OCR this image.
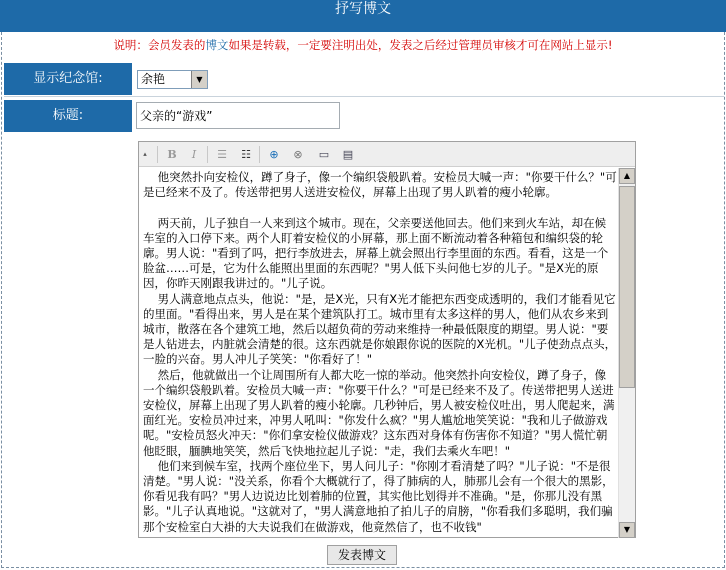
抒写博文
说明：会员发表的博文如果是转载，一定要注明出处，发表之后经过管理员审核才可在网站上显示!
显示纪念馆:	余艳	▼
标题:
父亲的“游戏”
▴	B	I	☰	☷	⊕	⊗	▭	▤
他突然扑向安检仪，蹲了身子，像一个编织袋般趴着。安检员大喊一声："你要干什么？"可是已经来不及了。传送带把男人送进安检仪，屏幕上出现了男人趴着的瘦小轮廓。

两天前，儿子独自一人来到这个城市。现在，父亲要送他回去。他们来到火车站，却在候车室的入口停下来。两个人盯着安检仪的小屏幕，那上面不断流动着各种箱包和编织袋的轮廓。男人说："看到了吗，把行李放进去，屏幕上就会照出行李里面的东西。看看，这是一个脸盆……可是，它为什么能照出里面的东西呢？"男人低下头问他七岁的儿子。"是X光的原因，你昨天刚跟我讲过的。"儿子说。
男人满意地点点头，他说："是，是X光，只有X光才能把东西变成透明的，我们才能看见它的里面。"看得出来，男人是在某个建筑队打工。城市里有太多这样的男人，他们从农乡来到城市，散落在各个建筑工地，然后以超负荷的劳动来维持一种最低限度的期望。男人说："要是人钻进去，内脏就会清楚的很。这东西就是你娘跟你说的医院的X光机。"儿子使劲点点头，一脸的兴奋。男人冲儿子笑笑："你看好了！"
然后，他就做出一个让周围所有人都大吃一惊的举动。他突然扑向安检仪，蹲了身子，像一个编织袋般趴着。安检员大喊一声："你要干什么？"可是已经来不及了。传送带把男人送进安检仪，屏幕上出现了男人趴着的瘦小轮廓。几秒钟后，男人被安检仪吐出，男人爬起来，满面红光。安检员冲过来，冲男人吼叫："你发什么疯？"男人尴尬地笑笑说："我和儿子做游戏呢。"安检员怒火冲天："你们拿安检仪做游戏？这东西对身体有伤害你不知道？"男人慌忙朝他眨眼，腼腆地笑笑，然后飞快地拉起儿子说："走，我们去乘火车吧！"
他们来到候车室，找两个座位坐下，男人问儿子："你刚才看清楚了吗？"儿子说："不是很清楚。"男人说："没关系，你看个大概就行了，得了肺病的人，肺那儿会有一个很大的黑影，你看见我有吗？"男人边说边比划着肺的位置，其实他比划得并不准确。"是，你那儿没有黑影。"儿子认真地说。"这就对了，"男人满意地拍了拍儿子的肩膀，"你看我们多聪明，我们骗那个安检室白大褂的大夫说我们在做游戏，他竟然信了，也不收钱"
▲
▼
发表博文
